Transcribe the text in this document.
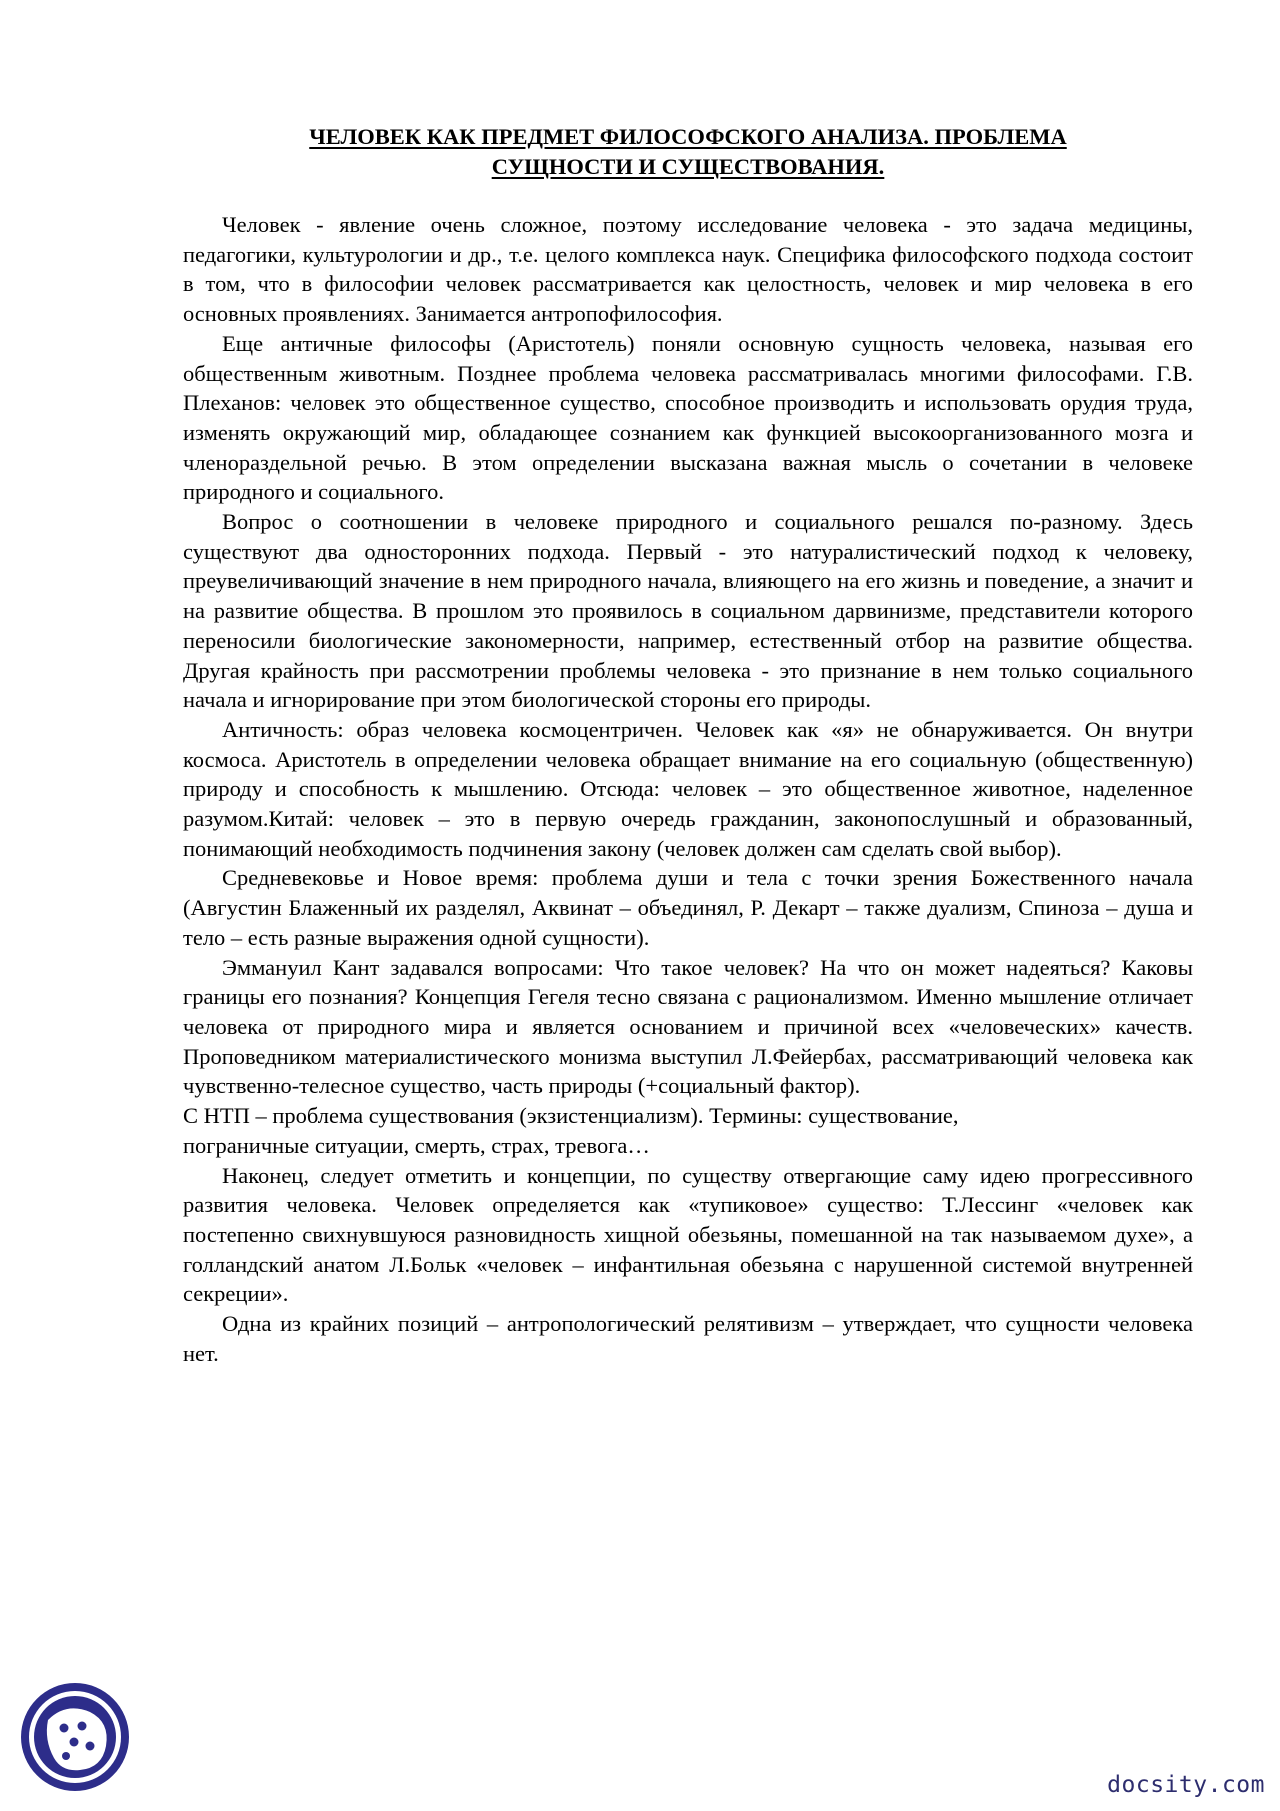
ЧЕЛОВЕК КАК ПРЕДМЕТ ФИЛОСОФСКОГО АНАЛИЗА. ПРОБЛЕМА
СУЩНОСТИ И СУЩЕСТВОВАНИЯ.

Человек - явление очень сложное, поэтому исследование человека - это задача медицины, педагогики, культурологии и др., т.е. целого комплекса наук. Специфика философского подхода состоит в том, что в философии человек рассматривается как целостность, человек и мир человека в его основных проявлениях. Занимается антропофилософия.

Еще античные философы (Аристотель) поняли основную сущность человека, называя его общественным животным. Позднее проблема человека рассматривалась многими философами. Г.В. Плеханов: человек это общественное существо, способное производить и использовать орудия труда, изменять окружающий мир, обладающее сознанием как функцией высокоорганизованного мозга и членораздельной речью. В этом определении высказана важная мысль о сочетании в человеке природного и социального.

Вопрос о соотношении в человеке природного и социального решался по-разному. Здесь существуют два односторонних подхода. Первый - это натуралистический подход к человеку, преувеличивающий значение в нем природного начала, влияющего на его жизнь и поведение, а значит и на развитие общества. В прошлом это проявилось в социальном дарвинизме, представители которого переносили биологические закономерности, например, естественный отбор на развитие общества. Другая крайность при рассмотрении проблемы человека - это признание в нем только социального начала и игнорирование при этом биологической стороны его природы.

Античность: образ человека космоцентричен. Человек как «я» не обнаруживается. Он внутри космоса. Аристотель в определении человека обращает внимание на его социальную (общественную) природу и способность к мышлению. Отсюда: человек – это общественное животное, наделенное разумом.Китай: человек – это в первую очередь гражданин, законопослушный и образованный, понимающий необходимость подчинения закону (человек должен сам сделать свой выбор).

Средневековье и Новое время: проблема души и тела с точки зрения Божественного начала (Августин Блаженный их разделял, Аквинат – объединял, Р. Декарт – также дуализм, Спиноза – душа и тело – есть разные выражения одной сущности).

Эммануил Кант задавался вопросами: Что такое человек? На что он может надеяться? Каковы границы его познания? Концепция Гегеля тесно связана с рационализмом. Именно мышление отличает человека от природного мира и является основанием и причиной всех «человеческих» качеств. Проповедником материалистического монизма выступил Л.Фейербах, рассматривающий человека как чувственно-телесное существо, часть природы (+социальный фактор).

С НТП – проблема существования (экзистенциализм). Термины: существование,

пограничные ситуации, смерть, страх, тревога…

Наконец, следует отметить и концепции, по существу отвергающие саму идею прогрессивного развития человека. Человек определяется как «тупиковое» существо: Т.Лессинг «человек как постепенно свихнувшуюся разновидность хищной обезьяны, помешанной на так называемом духе», а голландский анатом Л.Больк «человек – инфантильная обезьяна с нарушенной системой внутренней секреции».

Одна из крайних позиций – антропологический релятивизм – утверждает, что сущности человека нет.

docsity.com
